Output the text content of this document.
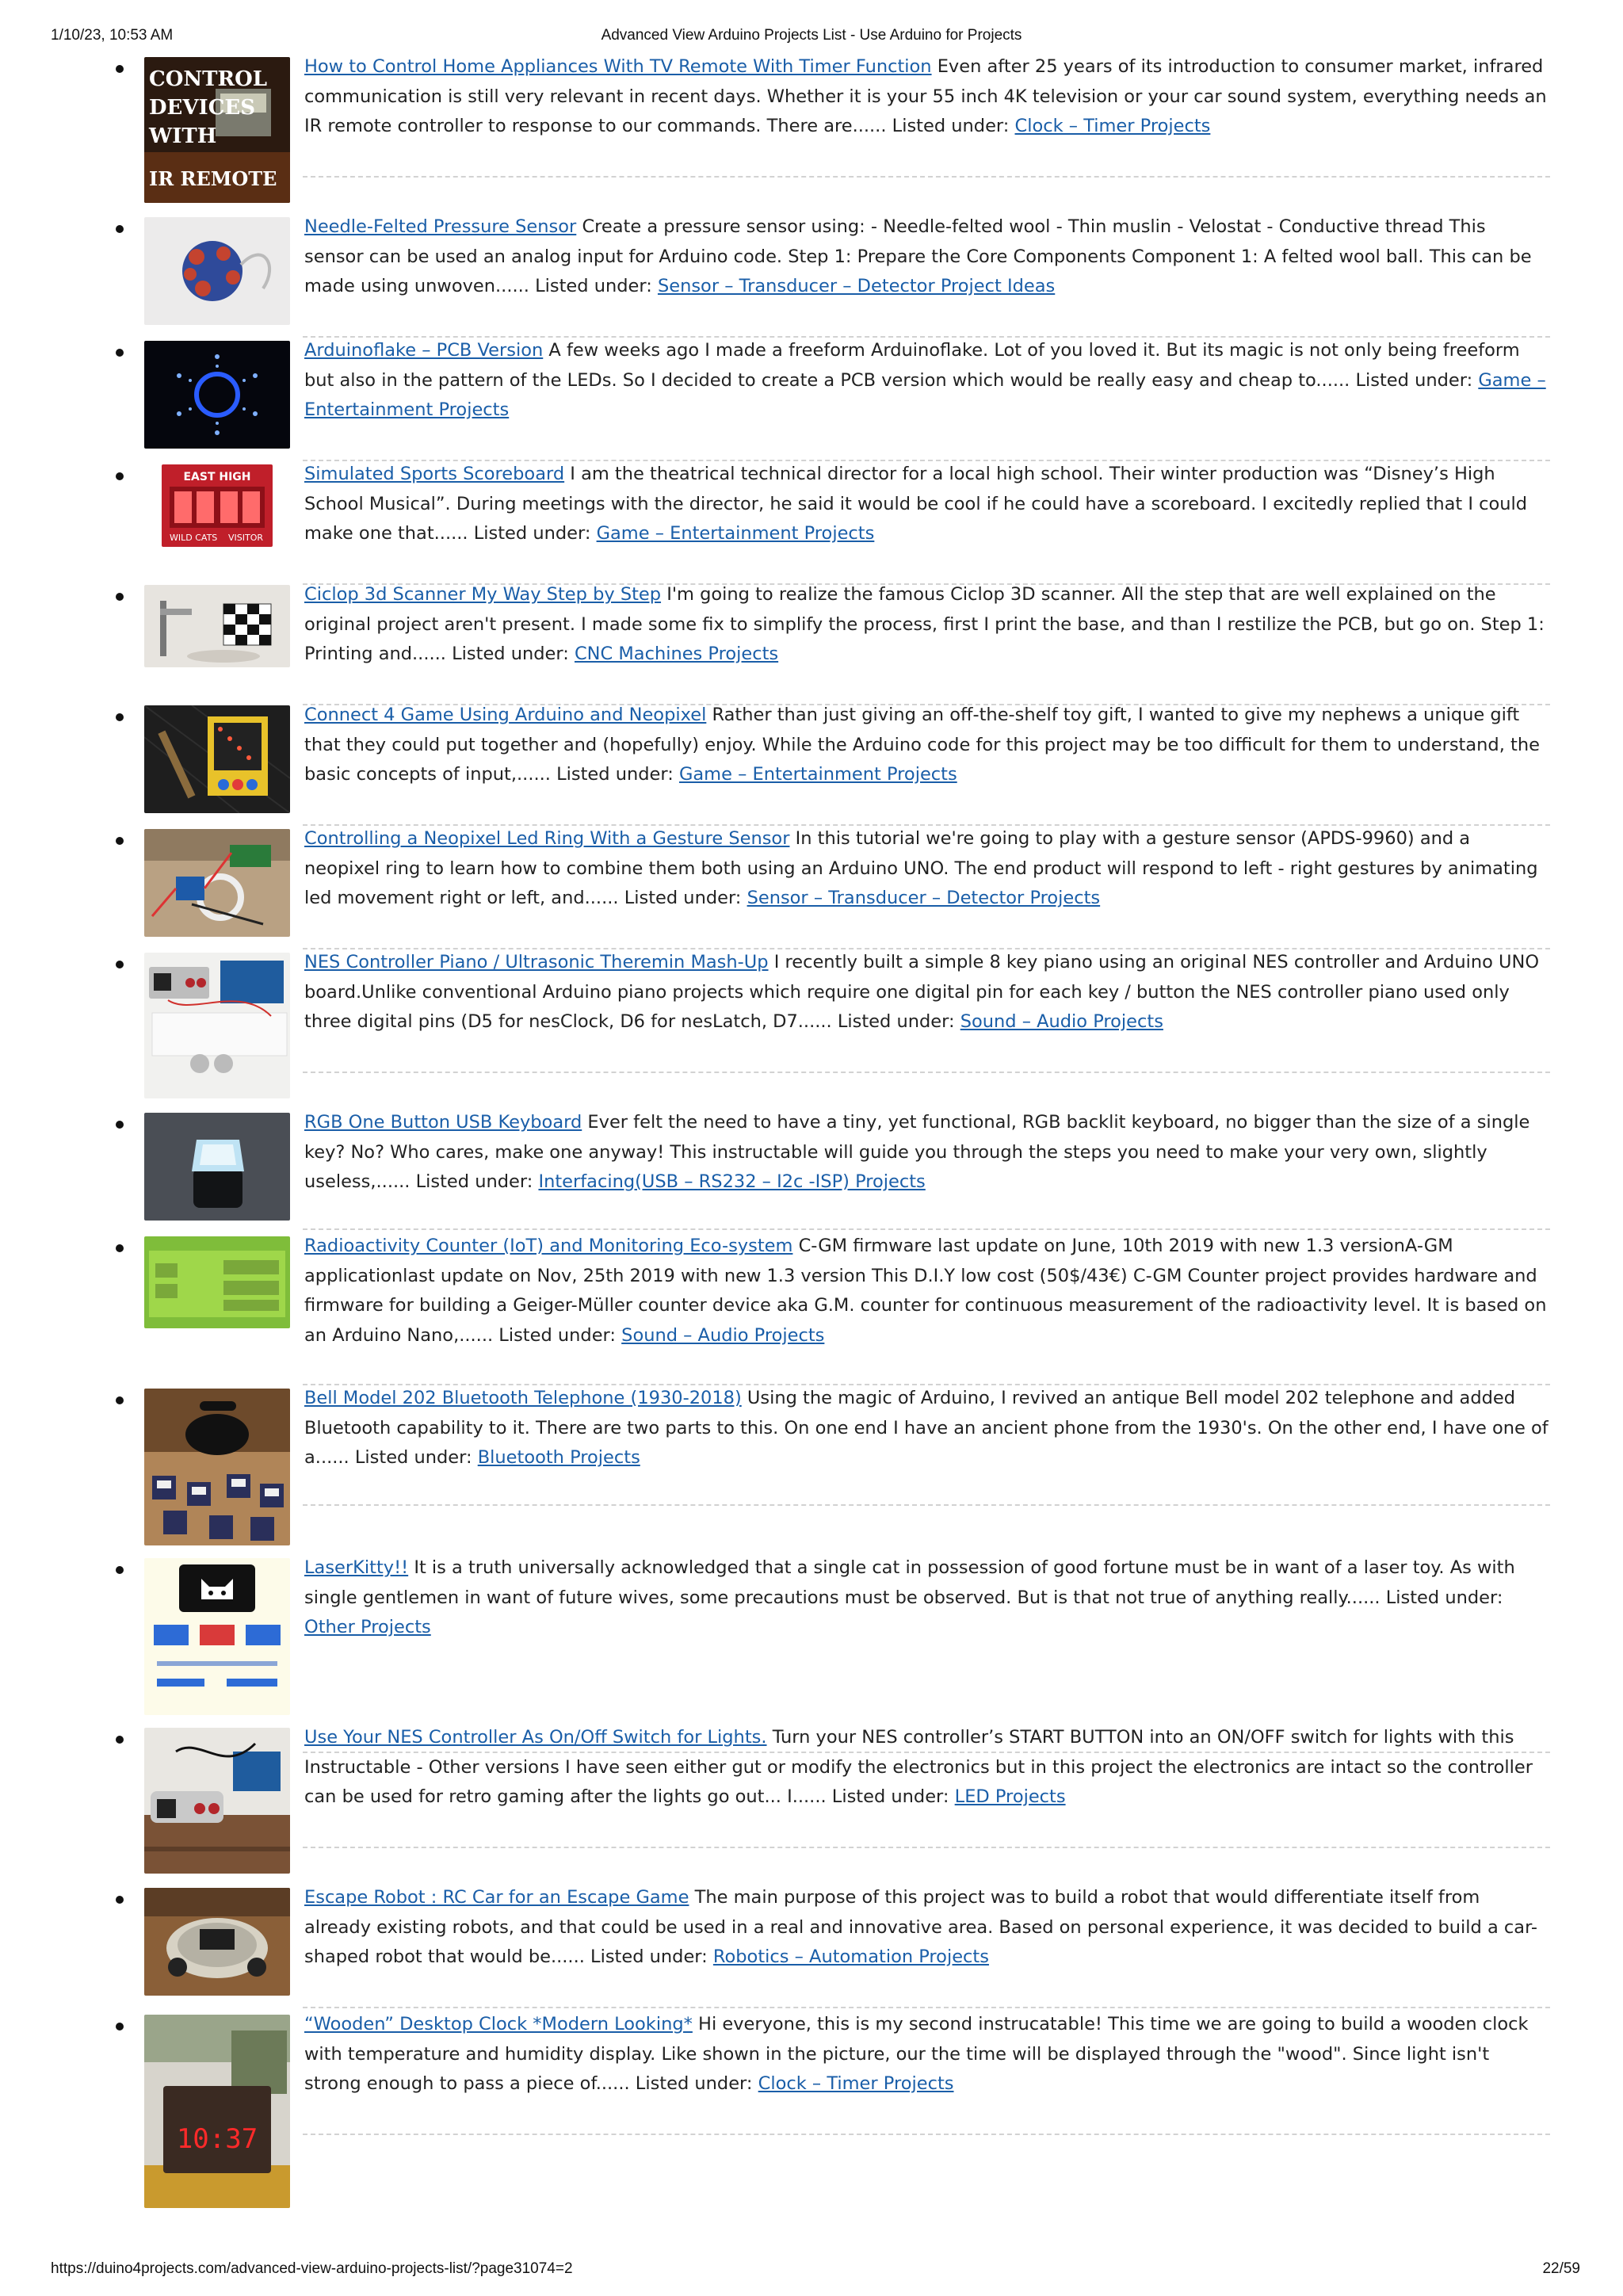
1/10/23, 10:53 AM	Advanced View Arduino Projects List - Use Arduino for Projects
CONTROL
DEVICES
WITH
IR REMOTE
How to Control Home Appliances With TV Remote With Timer Function Even after 25 years of its introduction to consumer market, infrared communication is still very relevant in recent days. Whether it is your 55 inch 4K television or your car sound system, everything needs an IR remote controller to response to our commands. There are...... Listed under: Clock – Timer Projects
Needle-Felted Pressure Sensor Create a pressure sensor using: - Needle-felted wool - Thin muslin - Velostat - Conductive thread This sensor can be used an analog input for Arduino code. Step 1: Prepare the Core Components Component 1: A felted wool ball. This can be made using unwoven...... Listed under: Sensor – Transducer – Detector Project Ideas
Arduinoflake – PCB Version A few weeks ago I made a freeform Arduinoflake. Lot of you loved it. But its magic is not only being freeform but also in the pattern of the LEDs. So I decided to create a PCB version which would be really easy and cheap to...... Listed under: Game – Entertainment Projects
EAST HIGH
WILD CATS VISITOR
Simulated Sports Scoreboard I am the theatrical technical director for a local high school. Their winter production was “Disney’s High School Musical”. During meetings with the director, he said it would be cool if he could have a scoreboard. I excitedly replied that I could make one that...... Listed under: Game – Entertainment Projects
Ciclop 3d Scanner My Way Step by Step I'm going to realize the famous Ciclop 3D scanner. All the step that are well explained on the original project aren't present. I made some fix to simplify the process, first I print the base, and than I restilize the PCB, but go on. Step 1: Printing and...... Listed under: CNC Machines Projects
Connect 4 Game Using Arduino and Neopixel Rather than just giving an off-the-shelf toy gift, I wanted to give my nephews a unique gift that they could put together and (hopefully) enjoy. While the Arduino code for this project may be too difficult for them to understand, the basic concepts of input,...... Listed under: Game – Entertainment Projects
Controlling a Neopixel Led Ring With a Gesture Sensor In this tutorial we're going to play with a gesture sensor (APDS-9960) and a neopixel ring to learn how to combine them both using an Arduino UNO. The end product will respond to left - right gestures by animating led movement right or left, and...... Listed under: Sensor – Transducer – Detector Projects
NES Controller Piano / Ultrasonic Theremin Mash-Up I recently built a simple 8 key piano using an original NES controller and Arduino UNO board.Unlike conventional Arduino piano projects which require one digital pin for each key / button the NES controller piano used only three digital pins (D5 for nesClock, D6 for nesLatch, D7...... Listed under: Sound – Audio Projects
RGB One Button USB Keyboard Ever felt the need to have a tiny, yet functional, RGB backlit keyboard, no bigger than the size of a single key? No? Who cares, make one anyway! This instructable will guide you through the steps you need to make your very own, slightly useless,...... Listed under: Interfacing(USB – RS232 – I2c -ISP) Projects
Radioactivity Counter (IoT) and Monitoring Eco-system C-GM firmware last update on June, 10th 2019 with new 1.3 versionA-GM applicationlast update on Nov, 25th 2019 with new 1.3 version This D.I.Y low cost (50$/43€) C-GM Counter project provides hardware and firmware for building a Geiger-Müller counter device aka G.M. counter for continuous measurement of the radioactivity level. It is based on an Arduino Nano,...... Listed under: Sound – Audio Projects
Bell Model 202 Bluetooth Telephone (1930-2018) Using the magic of Arduino, I revived an antique Bell model 202 telephone and added Bluetooth capability to it. There are two parts to this. On one end I have an ancient phone from the 1930's. On the other end, I have one of a...... Listed under: Bluetooth Projects
LaserKitty!! It is a truth universally acknowledged that a single cat in possession of good fortune must be in want of a laser toy. As with single gentlemen in want of future wives, some precautions must be observed. But is that not true of anything really...... Listed under: Other Projects
Use Your NES Controller As On/Off Switch for Lights. Turn your NES controller’s START BUTTON into an ON/OFF switch for lights with this Instructable - Other versions I have seen either gut or modify the electronics but in this project the electronics are intact so the controller can be used for retro gaming after the lights go out... I...... Listed under: LED Projects
Escape Robot : RC Car for an Escape Game The main purpose of this project was to build a robot that would differentiate itself from already existing robots, and that could be used in a real and innovative area. Based on personal experience, it was decided to build a car-shaped robot that would be...... Listed under: Robotics – Automation Projects
10:37
“Wooden” Desktop Clock *Modern Looking* Hi everyone, this is my second instrucatable! This time we are going to build a wooden clock with temperature and humidity display. Like shown in the picture, our the time will be displayed through the "wood". Since light isn't strong enough to pass a piece of...... Listed under: Clock – Timer Projects
https://duino4projects.com/advanced-view-arduino-projects-list/?page31074=2	22/59
